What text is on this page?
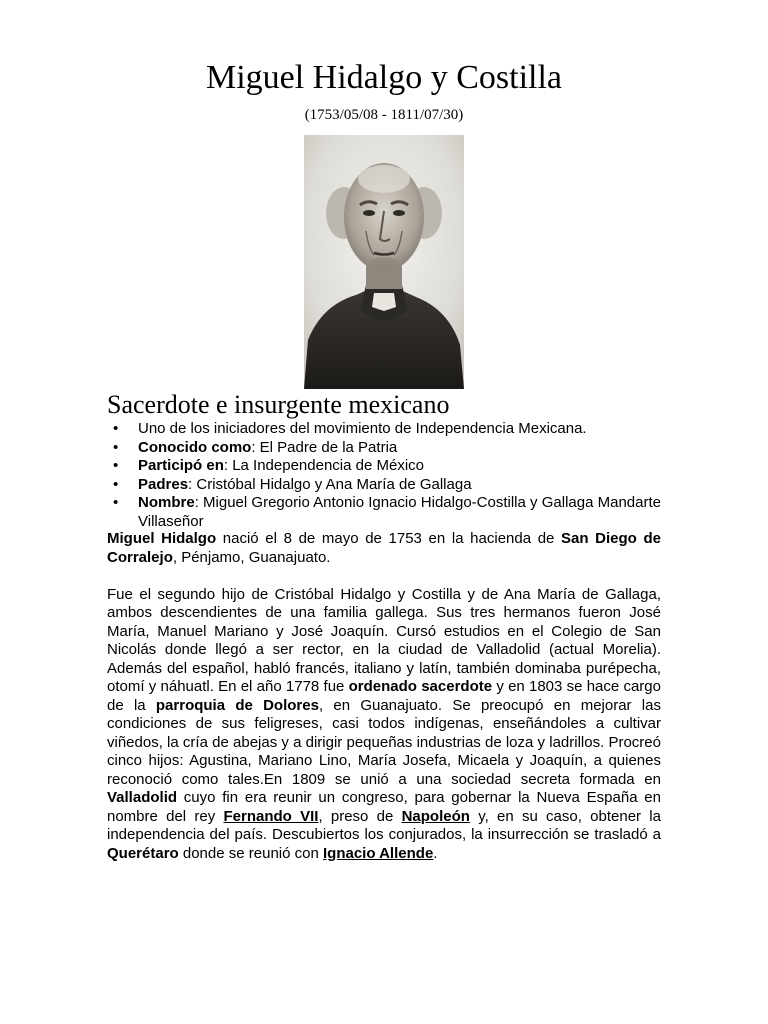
Miguel Hidalgo y Costilla
(1753/05/08 - 1811/07/30)
Sacerdote e insurgente mexicano
• Uno de los iniciadores del movimiento de Independencia Mexicana.
• Conocido como: El Padre de la Patria
• Participó en: La Independencia de México
• Padres: Cristóbal Hidalgo y Ana María de Gallaga
• Nombre: Miguel Gregorio Antonio Ignacio Hidalgo-Costilla y Gallaga Mandarte Villaseñor

Miguel Hidalgo nació el 8 de mayo de 1753 en la hacienda de San Diego de Corralejo, Pénjamo, Guanajuato.

Fue el segundo hijo de Cristóbal Hidalgo y Costilla y de Ana María de Gallaga, ambos descendientes de una familia gallega. Sus tres hermanos fueron José María, Manuel Mariano y José Joaquín. Cursó estudios en el Colegio de San Nicolás donde llegó a ser rector, en la ciudad de Valladolid (actual Morelia). Además del español, habló francés, italiano y latín, también dominaba purépecha, otomí y náhuatl. En el año 1778 fue ordenado sacerdote y en 1803 se hace cargo de la parroquia de Dolores, en Guanajuato. Se preocupó en mejorar las condiciones de sus feligreses, casi todos indígenas, enseñándoles a cultivar viñedos, la cría de abejas y a dirigir pequeñas industrias de loza y ladrillos. Procreó cinco hijos: Agustina, Mariano Lino, María Josefa, Micaela y Joaquín, a quienes reconoció como tales.En 1809 se unió a una sociedad secreta formada en Valladolid cuyo fin era reunir un congreso, para gobernar la Nueva España en nombre del rey Fernando VII, preso de Napoleón y, en su caso, obtener la independencia del país. Descubiertos los conjurados, la insurrección se trasladó a Querétaro donde se reunió con Ignacio Allende.
